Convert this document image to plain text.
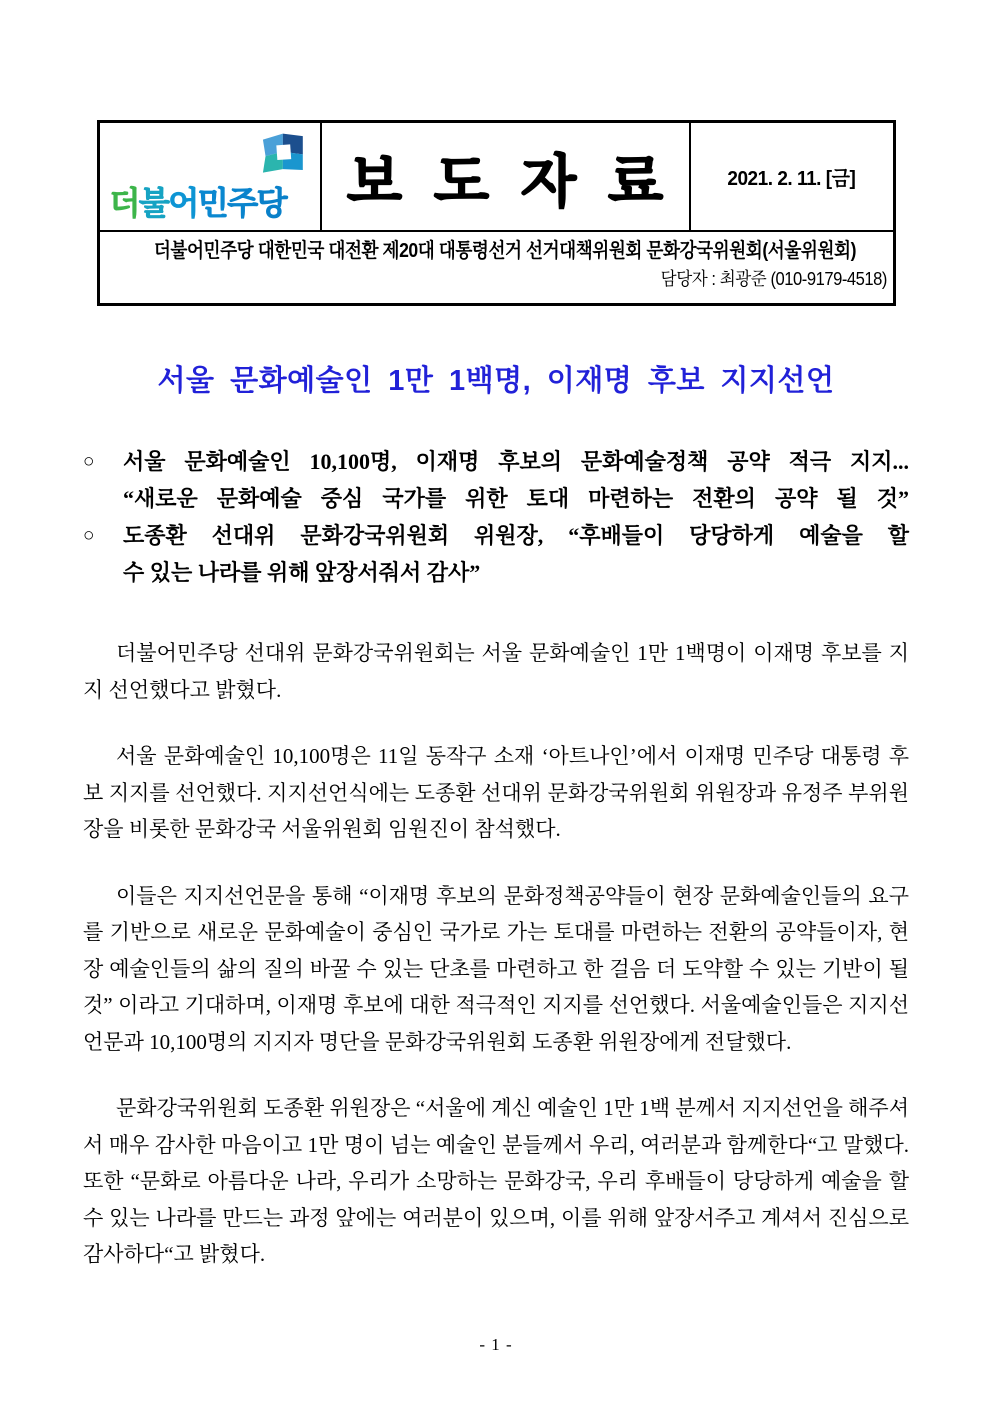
더불어민주당 보도자료 2021. 2. 11. [금]
더불어민주당 대한민국 대전환 제20대 대통령선거 선거대책위원회 문화강국위원회(서울위원회)
담당자 : 최광준 (010-9179-4518)
서울 문화예술인 1만 1백명, 이재명 후보 지지선언
○	서울 문화예술인 10,100명, 이재명 후보의 문화예술정책 공약 적극 지지...
“새로운 문화예술 중심 국가를 위한 토대 마련하는 전환의 공약 될 것”
○	도종환 선대위 문화강국위원회 위원장, “후배들이 당당하게 예술을 할
수 있는 나라를 위해 앞장서줘서 감사”

더불어민주당 선대위 문화강국위원회는 서울 문화예술인 1만 1백명이 이재명 후보를 지지 선언했다고 밝혔다.

서울 문화예술인 10,100명은 11일 동작구 소재 ‘아트나인’에서 이재명 민주당 대통령 후보 지지를 선언했다. 지지선언식에는 도종환 선대위 문화강국위원회 위원장과 유정주 부위원장을 비롯한 문화강국 서울위원회 임원진이 참석했다.

이들은 지지선언문을 통해 “이재명 후보의 문화정책공약들이 현장 문화예술인들의 요구를 기반으로 새로운 문화예술이 중심인 국가로 가는 토대를 마련하는 전환의 공약들이자, 현장 예술인들의 삶의 질의 바꿀 수 있는 단초를 마련하고 한 걸음 더 도약할 수 있는 기반이 될 것” 이라고 기대하며, 이재명 후보에 대한 적극적인 지지를 선언했다. 서울예술인들은 지지선언문과 10,100명의 지지자 명단을 문화강국위원회 도종환 위원장에게 전달했다.

문화강국위원회 도종환 위원장은 “서울에 계신 예술인 1만 1백 분께서 지지선언을 해주셔서 매우 감사한 마음이고 1만 명이 넘는 예술인 분들께서 우리, 여러분과 함께한다“고 말했다. 또한 “문화로 아름다운 나라, 우리가 소망하는 문화강국, 우리 후배들이 당당하게 예술을 할 수 있는 나라를 만드는 과정 앞에는 여러분이 있으며, 이를 위해 앞장서주고 계셔서 진심으로 감사하다“고 밝혔다.

- 1 -
